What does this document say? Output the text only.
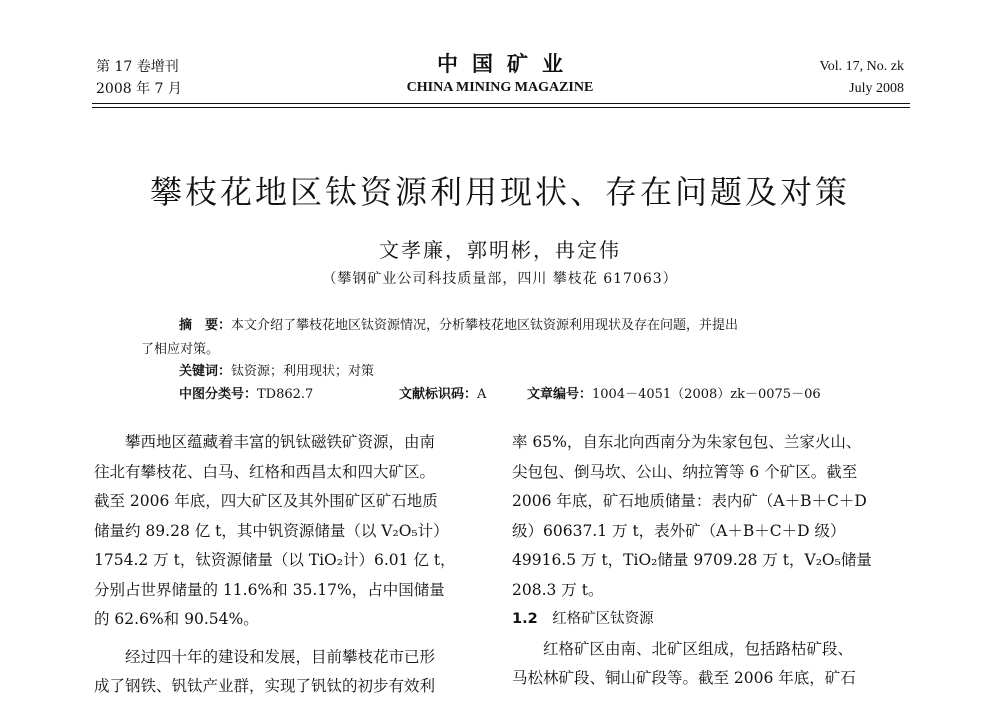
第 17 卷增刊
2008 年 7 月
中国矿业
CHINA MINING MAGAZINE
Vol. 17, No. zk
July 2008
攀枝花地区钛资源利用现状、存在问题及对策
文孝廉，郭明彬，冉定伟
（攀钢矿业公司科技质量部，四川 攀枝花 617063）
摘　要：本文介绍了攀枝花地区钛资源情况，分析攀枝花地区钛资源利用现状及存在问题，并提出
了相应对策。
关键词：钛资源；利用现状；对策
中图分类号：TD862.7	文献标识码：A	文章编号：1004－4051（2008）zk－0075－06

　　攀西地区蕴藏着丰富的钒钛磁铁矿资源，由南

往北有攀枝花、白马、红格和西昌太和四大矿区。

截至 2006 年底，四大矿区及其外围矿区矿石地质

储量约 89.28 亿 t，其中钒资源储量（以 V₂O₅计）

1754.2 万 t，钛资源储量（以 TiO₂计）6.01 亿 t，

分别占世界储量的 11.6%和 35.17%，占中国储量

的 62.6%和 90.54%。

　　经过四十年的建设和发展，目前攀枝花市已形

成了钢铁、钒钛产业群，实现了钒钛的初步有效利

率 65%，自东北向西南分为朱家包包、兰家火山、

尖包包、倒马坎、公山、纳拉箐等 6 个矿区。截至

2006 年底，矿石地质储量：表内矿（A＋B＋C＋D

级）60637.1 万 t，表外矿（A＋B＋C＋D 级）

49916.5 万 t，TiO₂储量 9709.28 万 t，V₂O₅储量

208.3 万 t。

1.2　 红格矿区钛资源

　　红格矿区由南、北矿区组成，包括路枯矿段、

马松林矿段、铜山矿段等。截至 2006 年底，矿石
